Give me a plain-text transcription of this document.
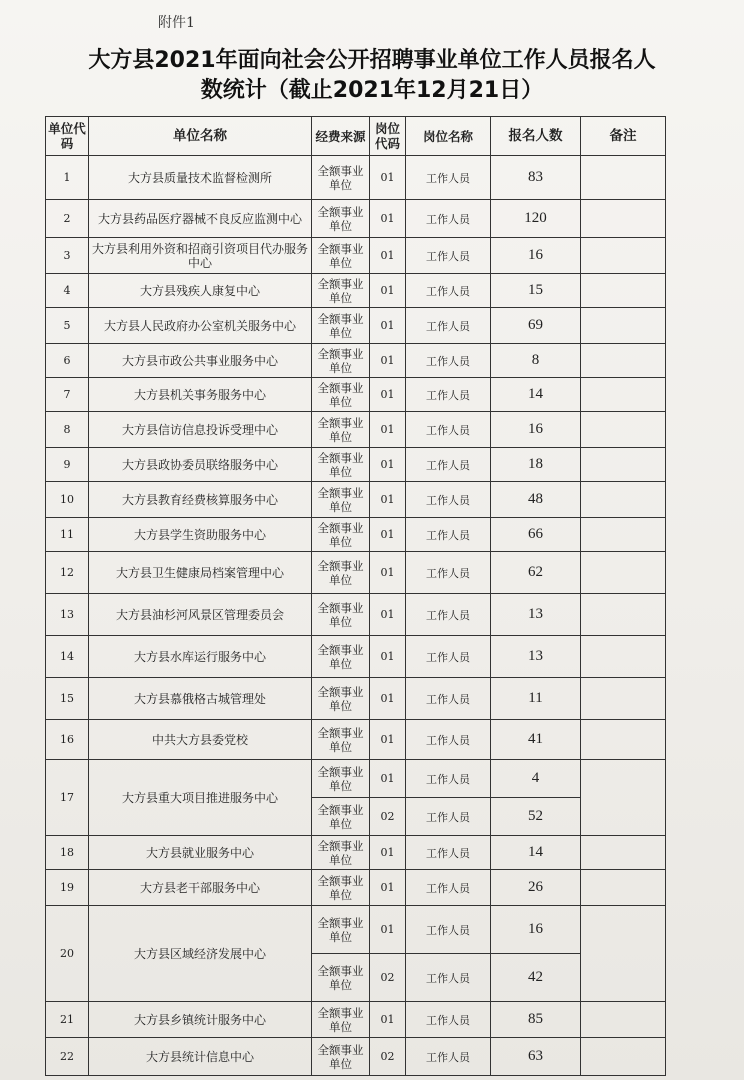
附件1
大方县2021年面向社会公开招聘事业单位工作人员报名人
数统计（截止2021年12月21日）
单位代码	单位名称	经费来源	岗位代码	岗位名称	报名人数	备注
1	大方县质量技术监督检测所	全额事业单位	01	工作人员	83	
2	大方县药品医疗器械不良反应监测中心	全额事业单位	01	工作人员	120	
3	大方县利用外资和招商引资项目代办服务中心	全额事业单位	01	工作人员	16	
4	大方县残疾人康复中心	全额事业单位	01	工作人员	15	
5	大方县人民政府办公室机关服务中心	全额事业单位	01	工作人员	69	
6	大方县市政公共事业服务中心	全额事业单位	01	工作人员	8	
7	大方县机关事务服务中心	全额事业单位	01	工作人员	14	
8	大方县信访信息投诉受理中心	全额事业单位	01	工作人员	16	
9	大方县政协委员联络服务中心	全额事业单位	01	工作人员	18	
10	大方县教育经费核算服务中心	全额事业单位	01	工作人员	48	
11	大方县学生资助服务中心	全额事业单位	01	工作人员	66	
12	大方县卫生健康局档案管理中心	全额事业单位	01	工作人员	62	
13	大方县油杉河风景区管理委员会	全额事业单位	01	工作人员	13	
14	大方县水库运行服务中心	全额事业单位	01	工作人员	13	
15	大方县慕俄格古城管理处	全额事业单位	01	工作人员	11	
16	中共大方县委党校	全额事业单位	01	工作人员	41	
17	大方县重大项目推进服务中心	全额事业单位	01	工作人员	4	
		全额事业单位	02	工作人员	52	
18	大方县就业服务中心	全额事业单位	01	工作人员	14	
19	大方县老干部服务中心	全额事业单位	01	工作人员	26	
20	大方县区域经济发展中心	全额事业单位	01	工作人员	16	
		全额事业单位	02	工作人员	42	
21	大方县乡镇统计服务中心	全额事业单位	01	工作人员	85	
22	大方县统计信息中心	全额事业单位	02	工作人员	63	
